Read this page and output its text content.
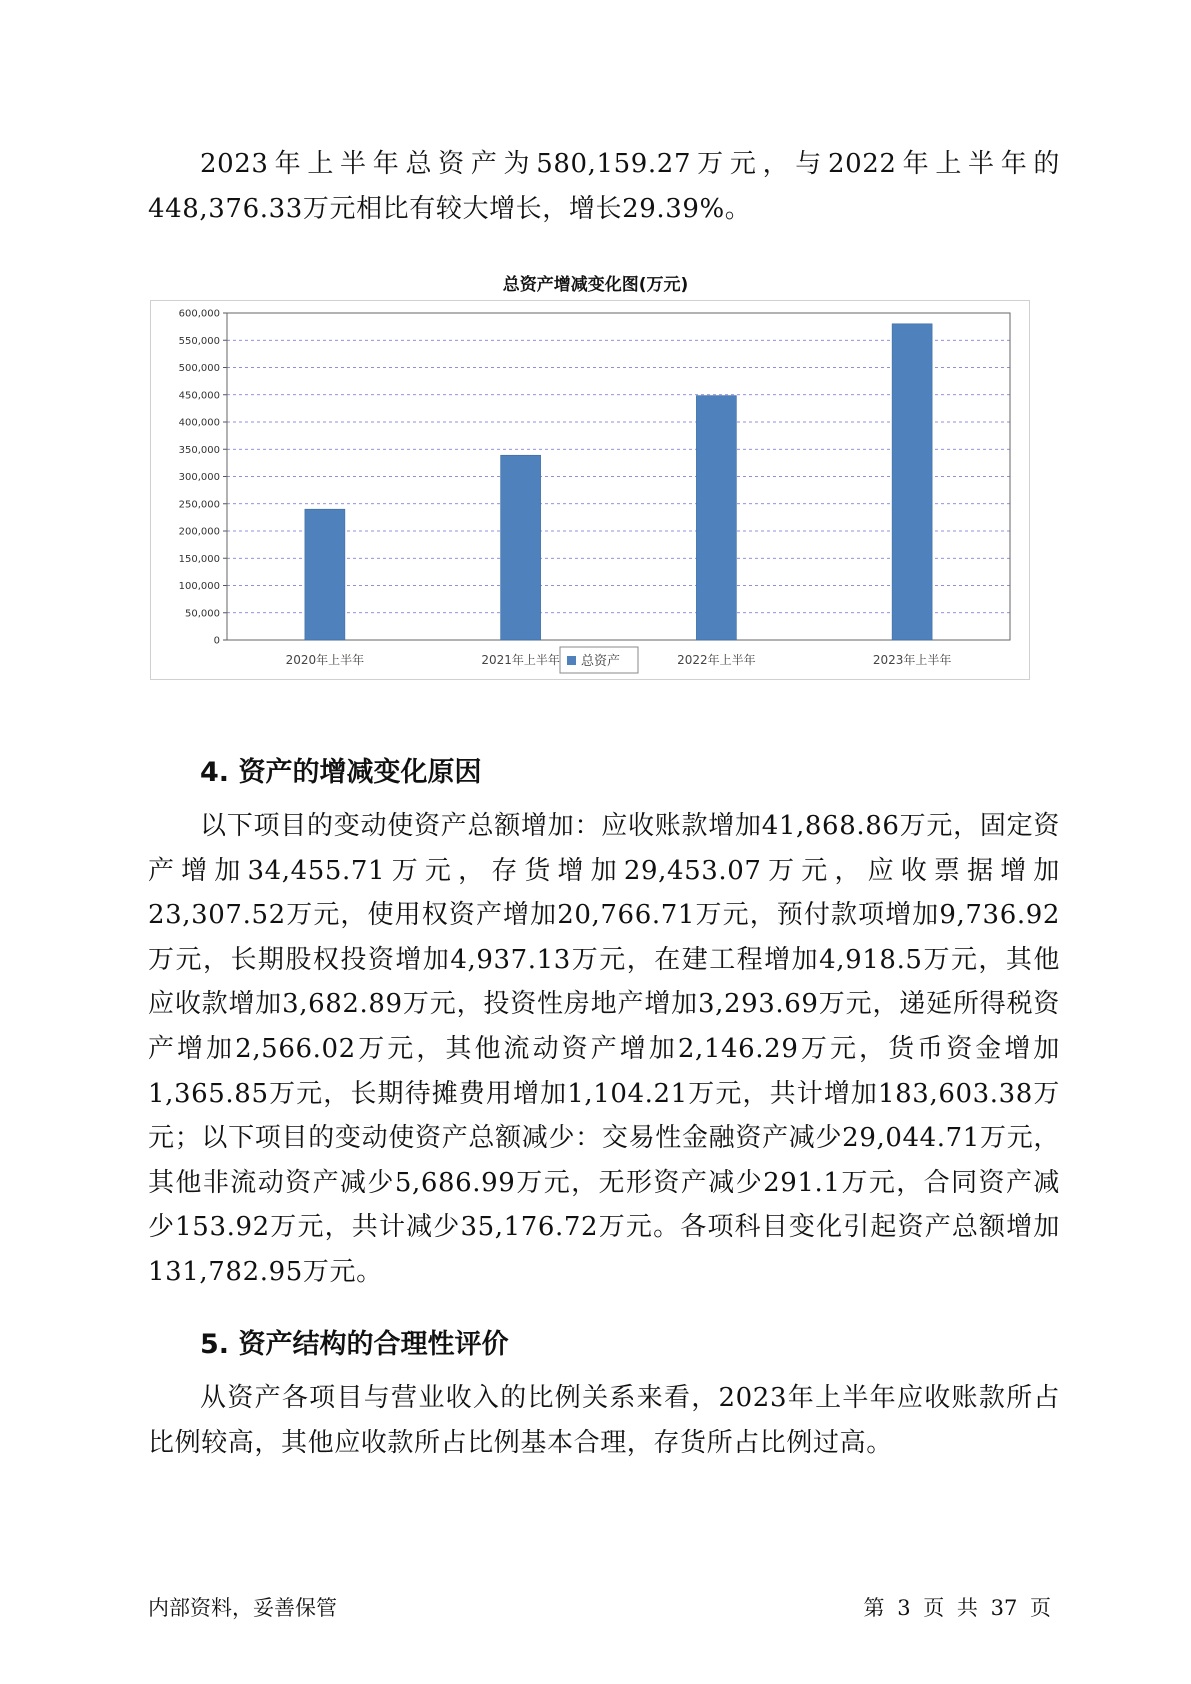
2023年上半年总资产为580,159.27万元，与2022年上半年的448,376.33万元相比有较大增长，增长29.39%。

总资产增减变化图(万元)
0
50,000
100,000
150,000
200,000
250,000
300,000
350,000
400,000
450,000
500,000
550,000
600,000
2020年上半年	2021年上半年	2022年上半年	2023年上半年
总资产
4. 资产的增减变化原因

以下项目的变动使资产总额增加：应收账款增加41,868.86万元，固定资产增加34,455.71万元，存货增加29,453.07万元，应收票据增加23,307.52万元，使用权资产增加20,766.71万元，预付款项增加9,736.92万元，长期股权投资增加4,937.13万元，在建工程增加4,918.5万元，其他应收款增加3,682.89万元，投资性房地产增加3,293.69万元，递延所得税资产增加2,566.02万元，其他流动资产增加2,146.29万元，货币资金增加1,365.85万元，长期待摊费用增加1,104.21万元，共计增加183,603.38万元；以下项目的变动使资产总额减少：交易性金融资产减少29,044.71万元，其他非流动资产减少5,686.99万元，无形资产减少291.1万元，合同资产减少153.92万元，共计减少35,176.72万元。各项科目变化引起资产总额增加131,782.95万元。

5. 资产结构的合理性评价

从资产各项目与营业收入的比例关系来看，2023年上半年应收账款所占比例较高，其他应收款所占比例基本合理，存货所占比例过高。

内部资料，妥善保管	第 3 页 共 37 页
